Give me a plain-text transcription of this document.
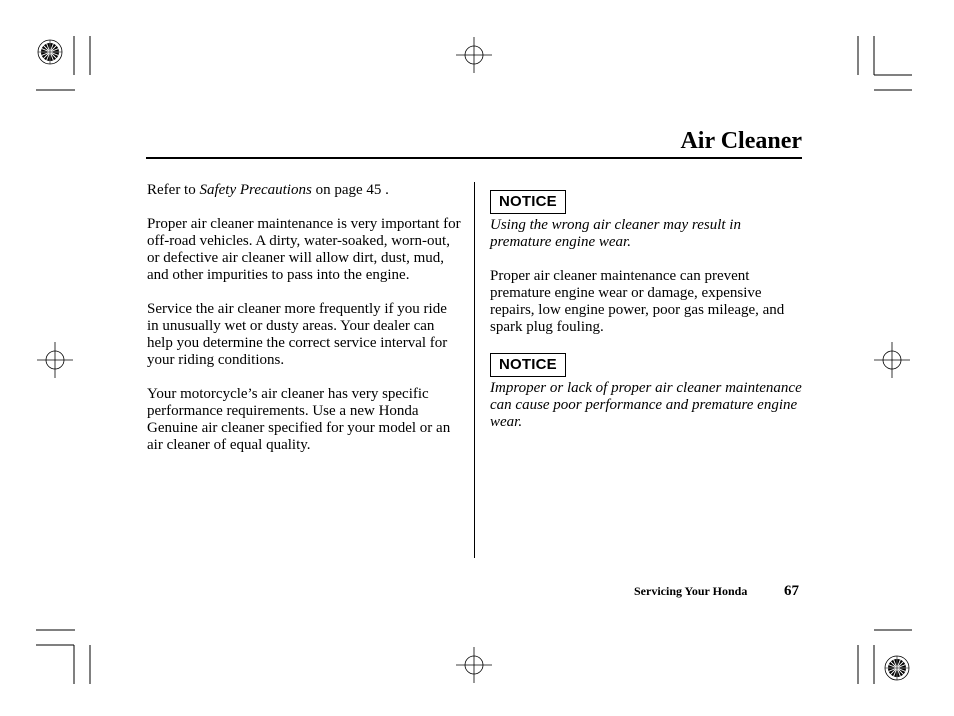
Air Cleaner

Refer to Safety Precautions on page 45 .

Proper air cleaner maintenance is very important for off-road vehicles. A dirty, water-soaked, worn-out, or defective air cleaner will allow dirt, dust, mud, and other impurities to pass into the engine.

Service the air cleaner more frequently if you ride in unusually wet or dusty areas. Your dealer can help you determine the correct service interval for your riding conditions.

Your motorcycle’s air cleaner has very specific performance requirements. Use a new Honda Genuine air cleaner specified for your model or an air cleaner of equal quality.

NOTICE
Using the wrong air cleaner may result in premature engine wear.

Proper air cleaner maintenance can prevent premature engine wear or damage, expensive repairs, low engine power, poor gas mileage, and spark plug fouling.

NOTICE
Improper or lack of proper air cleaner maintenance can cause poor performance and premature engine wear.
Servicing Your Honda 67
